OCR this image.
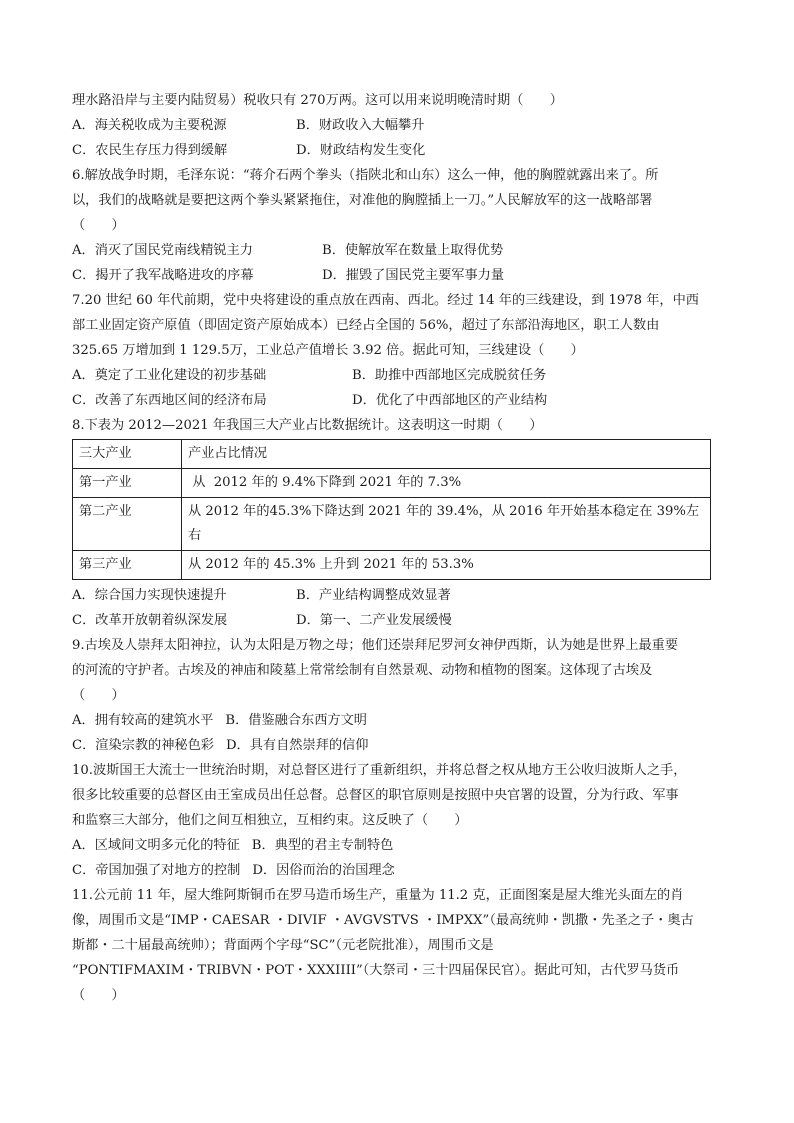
理水路沿岸与主要内陆贸易）税收只有 270万两。这可以用来说明晚清时期（　　）
A．海关税收成为主要税源	B．财政收入大幅攀升
C．农民生存压力得到缓解	D．财政结构发生变化
6.解放战争时期，毛泽东说：“蒋介石两个拳头（指陕北和山东）这么一伸，他的胸膛就露出来了。所
以，我们的战略就是要把这两个拳头紧紧拖住，对准他的胸膛插上一刀。”人民解放军的这一战略部署
（　　）
A．消灭了国民党南线精锐主力	B．使解放军在数量上取得优势
C．揭开了我军战略进攻的序幕	D．摧毁了国民党主要军事力量
7.20 世纪 60 年代前期，党中央将建设的重点放在西南、西北。经过 14 年的三线建设，到 1978 年，中西
部工业固定资产原值（即固定资产原始成本）已经占全国的 56%，超过了东部沿海地区，职工人数由
325.65 万增加到 1 129.5万，工业总产值增长 3.92 倍。据此可知，三线建设（　　）
A．奠定了工业化建设的初步基础	B．助推中西部地区完成脱贫任务
C．改善了东西地区间的经济布局	D．优化了中西部地区的产业结构
8.下表为 2012—2021 年我国三大产业占比数据统计。这表明这一时期（　　）
三大产业	产业占比情况
第一产业	从  2012 年的 9.4%下降到 2021 年的 7.3%
第二产业	从 2012 年的45.3%下降达到 2021 年的 39.4%，从 2016 年开始基本稳定在 39%左右
第三产业	从 2012 年的 45.3% 上升到 2021 年的 53.3%
A．综合国力实现快速提升	B．产业结构调整成效显著
C．改革开放朝着纵深发展	D．第一、二产业发展缓慢
9.古埃及人崇拜太阳神拉，认为太阳是万物之母；他们还崇拜尼罗河女神伊西斯，认为她是世界上最重要
的河流的守护者。古埃及的神庙和陵墓上常常绘制有自然景观、动物和植物的图案。这体现了古埃及
（　　）
A．拥有较高的建筑水平 B．借鉴融合东西方文明
C．渲染宗教的神秘色彩 D．具有自然崇拜的信仰
10.波斯国王大流士一世统治时期，对总督区进行了重新组织，并将总督之权从地方王公收归波斯人之手，
很多比较重要的总督区由王室成员出任总督。总督区的职官原则是按照中央官署的设置，分为行政、军事
和监察三大部分，他们之间互相独立，互相约束。这反映了（　　）
A．区域间文明多元化的特征 B．典型的君主专制特色
C．帝国加强了对地方的控制 D．因俗而治的治国理念
11.公元前 11 年，屋大维阿斯铜币在罗马造币场生产，重量为 11.2 克，正面图案是屋大维光头面左的肖
像，周围币文是“IMP・CAESAR ・DIVIF ・AVGVSTVS ・IMPXX”（最高统帅・凯撒・先圣之子・奥古
斯都・二十届最高统帅）；背面两个字母“SC”（元老院批准），周围币文是
“PONTIFMAXIM・TRIBVN・POT・XXXIIII”（大祭司・三十四届保民官）。据此可知，古代罗马货币
（　　）
